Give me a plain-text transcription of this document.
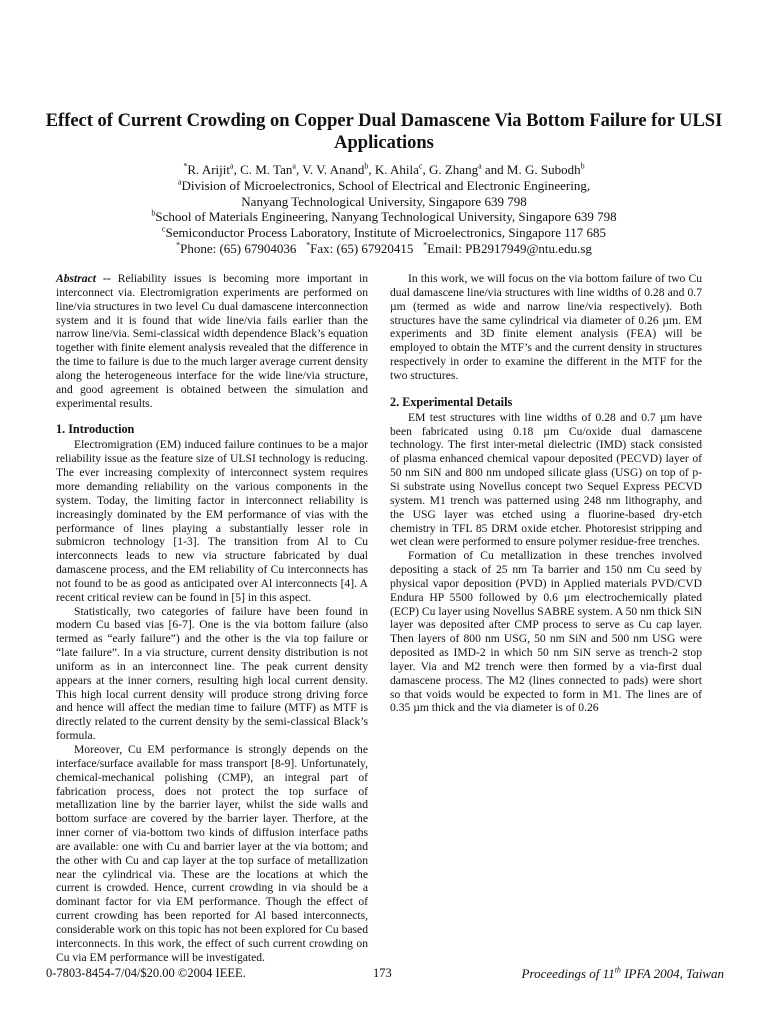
Effect of Current Crowding on Copper Dual Damascene Via Bottom Failure for ULSI Applications
*R. Arijit$^a$, C. M. Tan$^a$, V. V. Anand$^b$, K. Ahila$^c$, G. Zhang$^a$ and M. G. Subodh$^b$
$^a$Division of Microelectronics, School of Electrical and Electronic Engineering,
Nanyang Technological University, Singapore 639 798
$^b$School of Materials Engineering, Nanyang Technological University, Singapore 639 798
$^c$Semiconductor Process Laboratory, Institute of Microelectronics, Singapore 117 685
*Phone: (65) 67904036 *Fax: (65) 67920415 *Email: PB2917949@ntu.edu.sg

Abstract -- Reliability issues is becoming more important in interconnect via. Electromigration experiments are performed on line/via structures in two level Cu dual damascene interconnection system and it is found that wide line/via fails earlier than the narrow line/via. Semi-classical width dependence Black’s equation together with finite element analysis revealed that the difference in the time to failure is due to the much larger average current density along the heterogeneous interface for the wide line/via structure, and good agreement is obtained between the simulation and experimental results.

1. Introduction

Electromigration (EM) induced failure continues to be a major reliability issue as the feature size of ULSI technology is reducing. The ever increasing complexity of interconnect system requires more demanding reliability on the various components in the system. Today, the limiting factor in interconnect reliability is increasingly dominated by the EM performance of vias with the performance of lines playing a substantially lesser role in submicron technology [1-3]. The transition from Al to Cu interconnects leads to new via structure fabricated by dual damascene process, and the EM reliability of Cu interconnects has not found to be as good as anticipated over Al interconnects [4]. A recent critical review can be found in [5] in this aspect.

Statistically, two categories of failure have been found in modern Cu based vias [6-7]. One is the via bottom failure (also termed as “early failure”) and the other is the via top failure or “late failure”. In a via structure, current density distribution is not uniform as in an interconnect line. The peak current density appears at the inner corners, resulting high local current density. This high local current density will produce strong driving force and hence will affect the median time to failure (MTF) as MTF is directly related to the current density by the semi-classical Black’s formula.

Moreover, Cu EM performance is strongly depends on the interface/surface available for mass transport [8-9]. Unfortunately, chemical-mechanical polishing (CMP), an integral part of fabrication process, does not protect the top surface of metallization line by the barrier layer, whilst the side walls and bottom surface are covered by the barrier layer. Therfore, at the inner corner of via-bottom two kinds of diffusion interface paths are available: one with Cu and barrier layer at the via bottom; and the other with Cu and cap layer at the top surface of metallization near the cylindrical via. These are the locations at which the current is crowded. Hence, current crowding in via should be a dominant factor for via EM performance. Though the effect of current crowding has been reported for Al based interconnects, considerable work on this topic has not been explored for Cu based interconnects. In this work, the effect of such current crowding on Cu via EM performance will be investigated.

In this work, we will focus on the via bottom failure of two Cu dual damascene line/via structures with line widths of 0.28 and 0.7 µm (termed as wide and narrow line/via respectively). Both structures have the same cylindrical via diameter of 0.26 µm. EM experiments and 3D finite element analysis (FEA) will be employed to obtain the MTF’s and the current density in structures respectively in order to examine the different in the MTF for the two structures.

2. Experimental Details

EM test structures with line widths of 0.28 and 0.7 µm have been fabricated using 0.18 µm Cu/oxide dual damascene technology. The first inter-metal dielectric (IMD) stack consisted of plasma enhanced chemical vapour deposited (PECVD) layer of 50 nm SiN and 800 nm undoped silicate glass (USG) on top of p-Si substrate using Novellus concept two Sequel Express PECVD system. M1 trench was patterned using 248 nm lithography, and the USG layer was etched using a fluorine-based dry-etch chemistry in TFL 85 DRM oxide etcher. Photoresist stripping and wet clean were performed to ensure polymer residue-free trenches.

Formation of Cu metallization in these trenches involved depositing a stack of 25 nm Ta barrier and 150 nm Cu seed by physical vapor deposition (PVD) in Applied materials PVD/CVD Endura HP 5500 followed by 0.6 µm electrochemically plated (ECP) Cu layer using Novellus SABRE system. A 50 nm thick SiN layer was deposited after CMP process to serve as Cu cap layer. Then layers of 800 nm USG, 50 nm SiN and 500 nm USG were deposited as IMD-2 in which 50 nm SiN serve as trench-2 stop layer. Via and M2 trench were then formed by a via-first dual damascene process. The M2 (lines connected to pads) were short so that voids would be expected to form in M1. The lines are of 0.35 µm thick and the via diameter is of 0.26

0-7803-8454-7/04/$20.00 ©2004 IEEE.	173	Proceedings of 11th IPFA 2004, Taiwan
